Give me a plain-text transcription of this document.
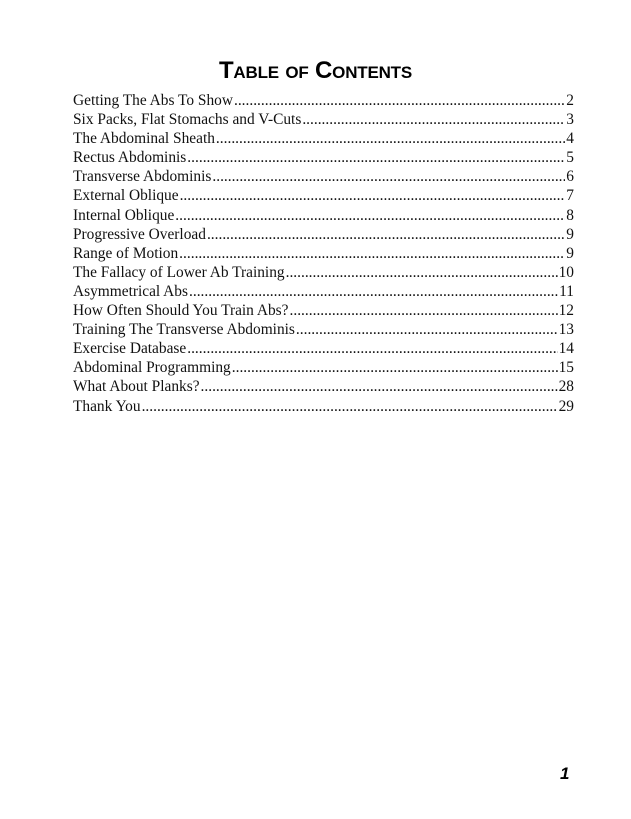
Table of Contents
Getting The Abs To Show .....	2
Six Packs, Flat Stomachs and V-Cuts .....	3
The Abdominal Sheath .....	4
Rectus Abdominis .....	5
Transverse Abdominis .....	6
External Oblique .....	7
Internal Oblique .....	8
Progressive Overload .....	9
Range of Motion .....	9
The Fallacy of Lower Ab Training .....	10
Asymmetrical Abs .....	11
How Often Should You Train Abs? .....	12
Training The Transverse Abdominis .....	13
Exercise Database .....	14
Abdominal Programming .....	15
What About Planks? .....	28
Thank You .....	29
1
